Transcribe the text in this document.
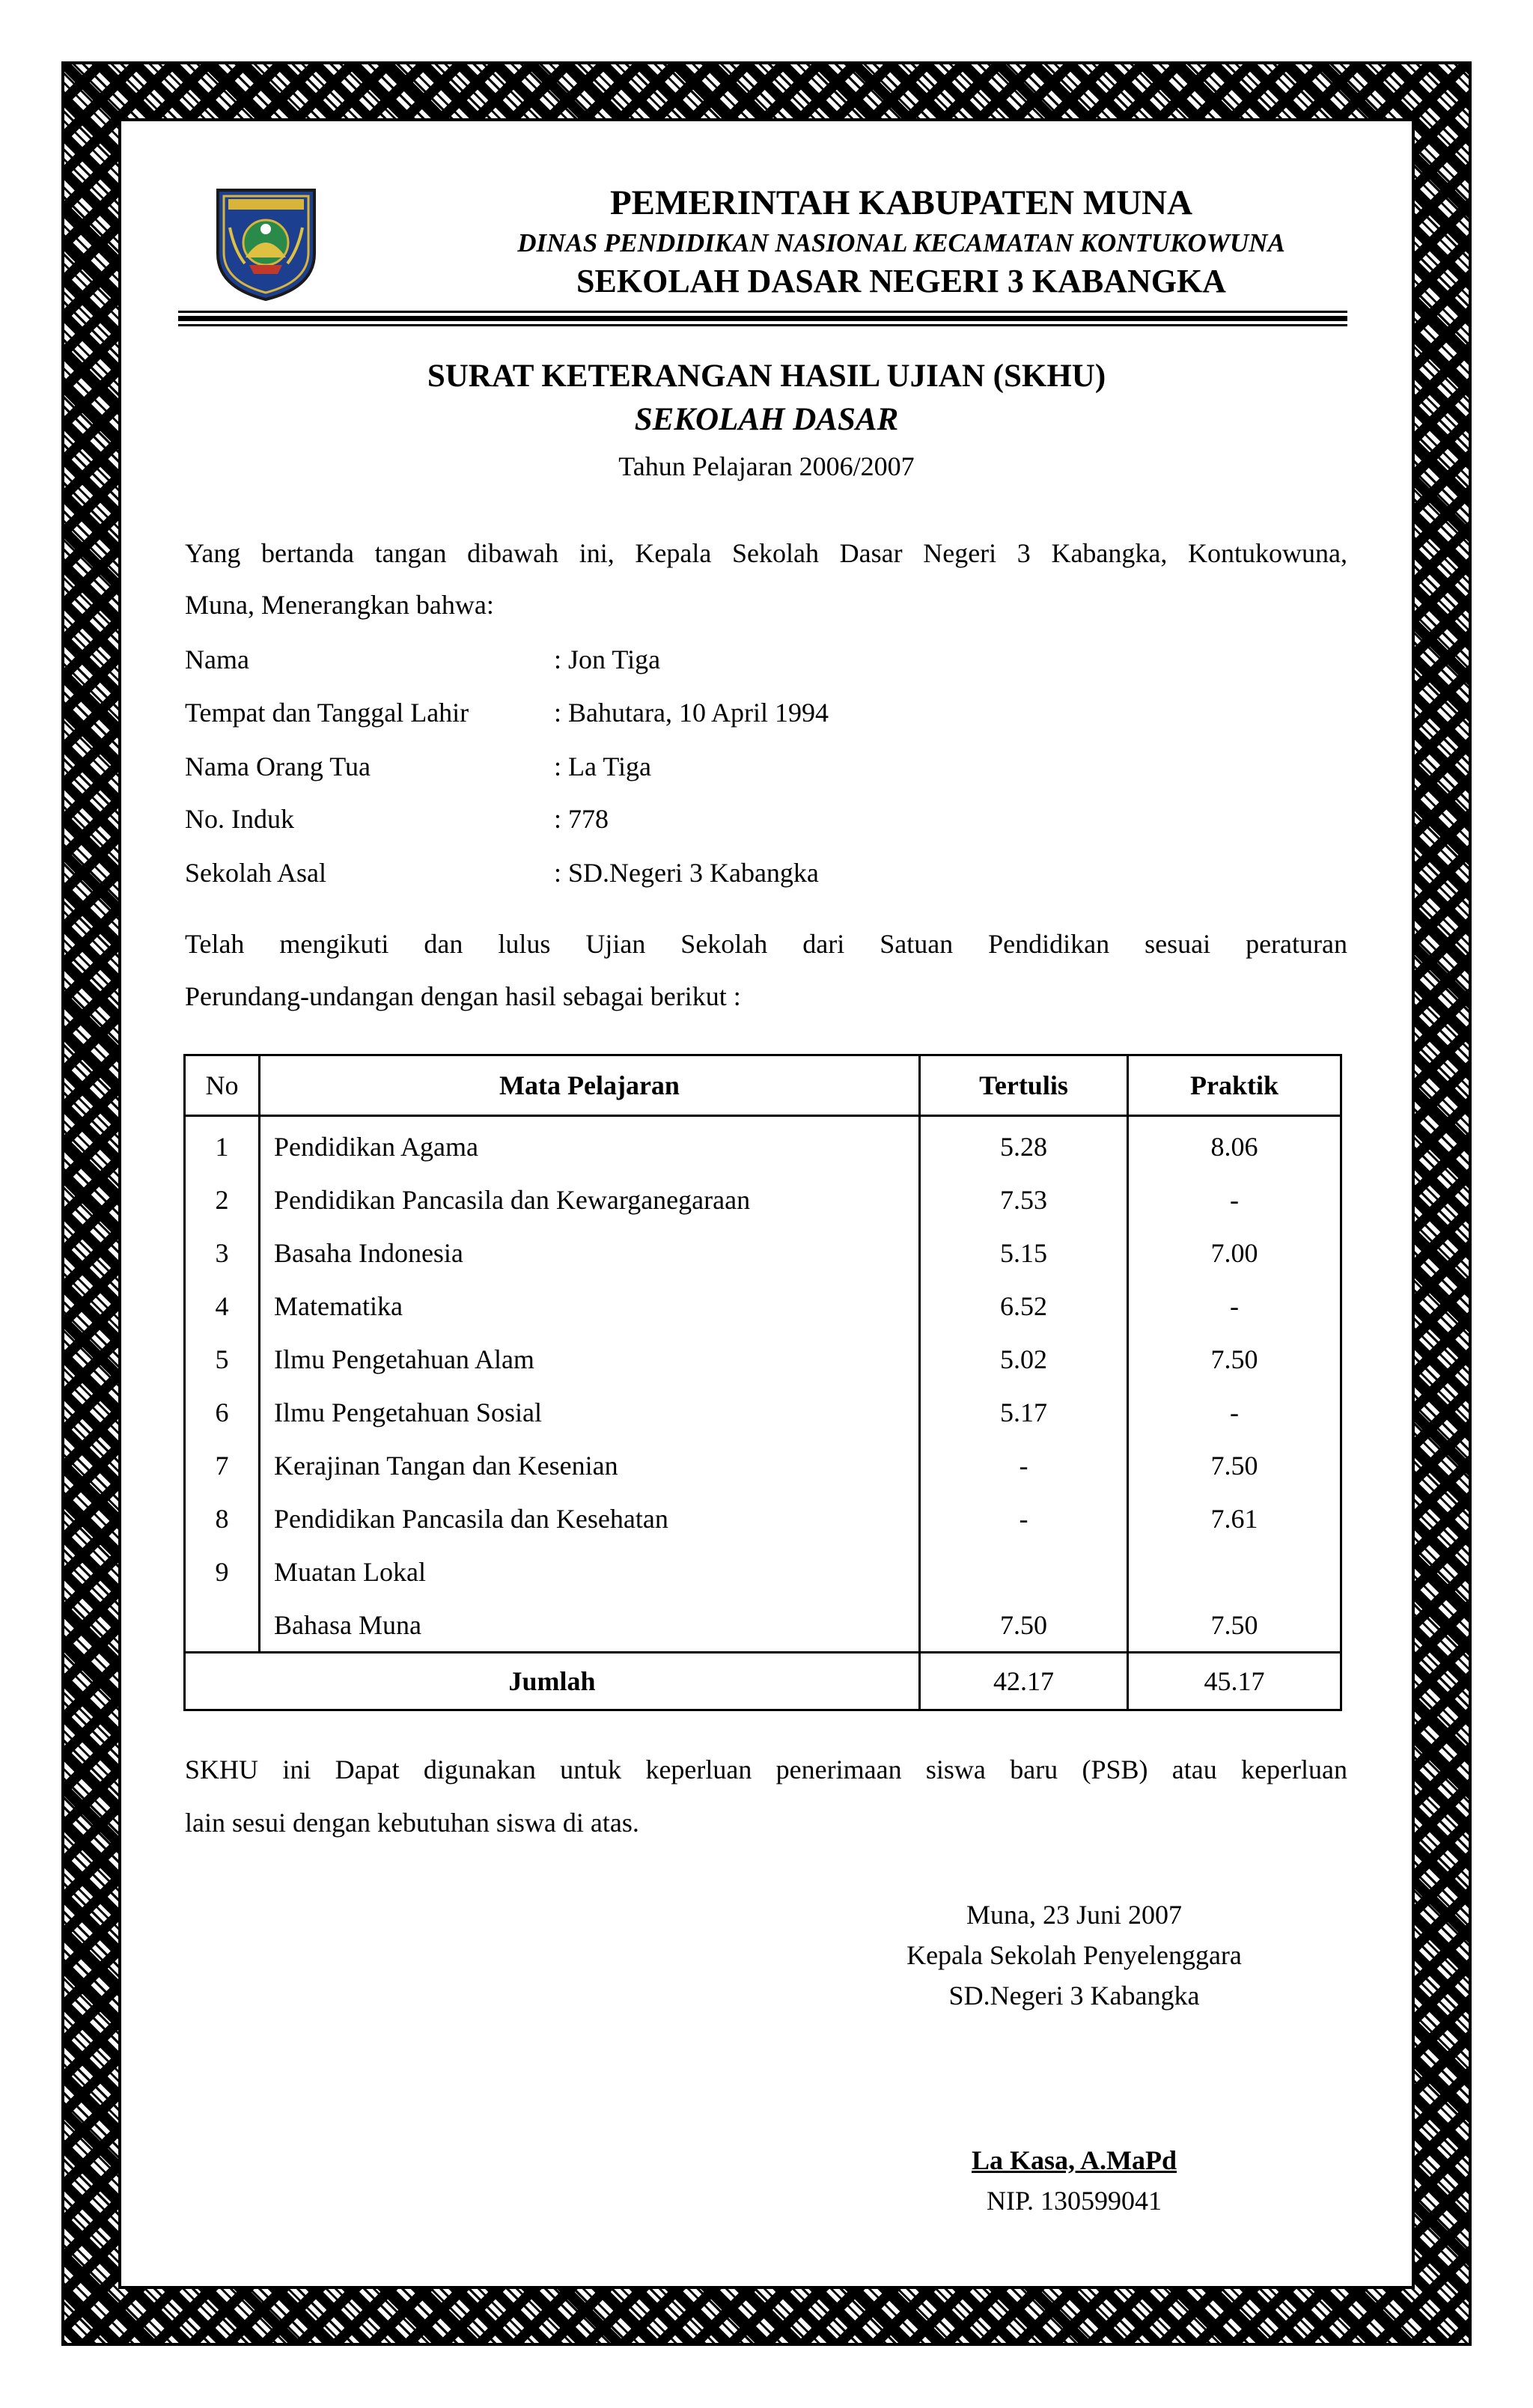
PEMERINTAH KABUPATEN MUNA
DINAS PENDIDIKAN NASIONAL KECAMATAN KONTUKOWUNA
SEKOLAH DASAR NEGERI 3 KABANGKA
SURAT KETERANGAN HASIL UJIAN (SKHU)
SEKOLAH DASAR
Tahun Pelajaran 2006/2007
Yang bertanda tangan dibawah ini, Kepala Sekolah Dasar Negeri 3 Kabangka, Kontukowuna,
Muna, Menerangkan bahwa:
Nama	: Jon Tiga
Tempat dan Tanggal Lahir	: Bahutara, 10 April 1994
Nama Orang Tua	: La Tiga
No. Induk	: 778
Sekolah Asal	: SD.Negeri 3 Kabangka
Telah mengikuti dan lulus Ujian Sekolah dari Satuan Pendidikan sesuai peraturan
Perundang-undangan dengan hasil sebagai berikut :
No	Mata Pelajaran	Tertulis	Praktik
1	Pendidikan Agama	5.28	8.06
2	Pendidikan Pancasila dan Kewarganegaraan	7.53	-
3	Basaha Indonesia	5.15	7.00
4	Matematika	6.52	-
5	Ilmu Pengetahuan Alam	5.02	7.50
6	Ilmu Pengetahuan Sosial	5.17	-
7	Kerajinan Tangan dan Kesenian	-	7.50
8	Pendidikan Pancasila dan Kesehatan	-	7.61
9	Muatan Lokal		
	Bahasa Muna	7.50	7.50
Jumlah		42.17	45.17
SKHU ini Dapat digunakan untuk keperluan penerimaan siswa baru (PSB) atau keperluan
lain sesui dengan kebutuhan siswa di atas.
Muna, 23 Juni 2007
Kepala Sekolah Penyelenggara
SD.Negeri 3 Kabangka
La Kasa, A.MaPd
NIP. 130599041
